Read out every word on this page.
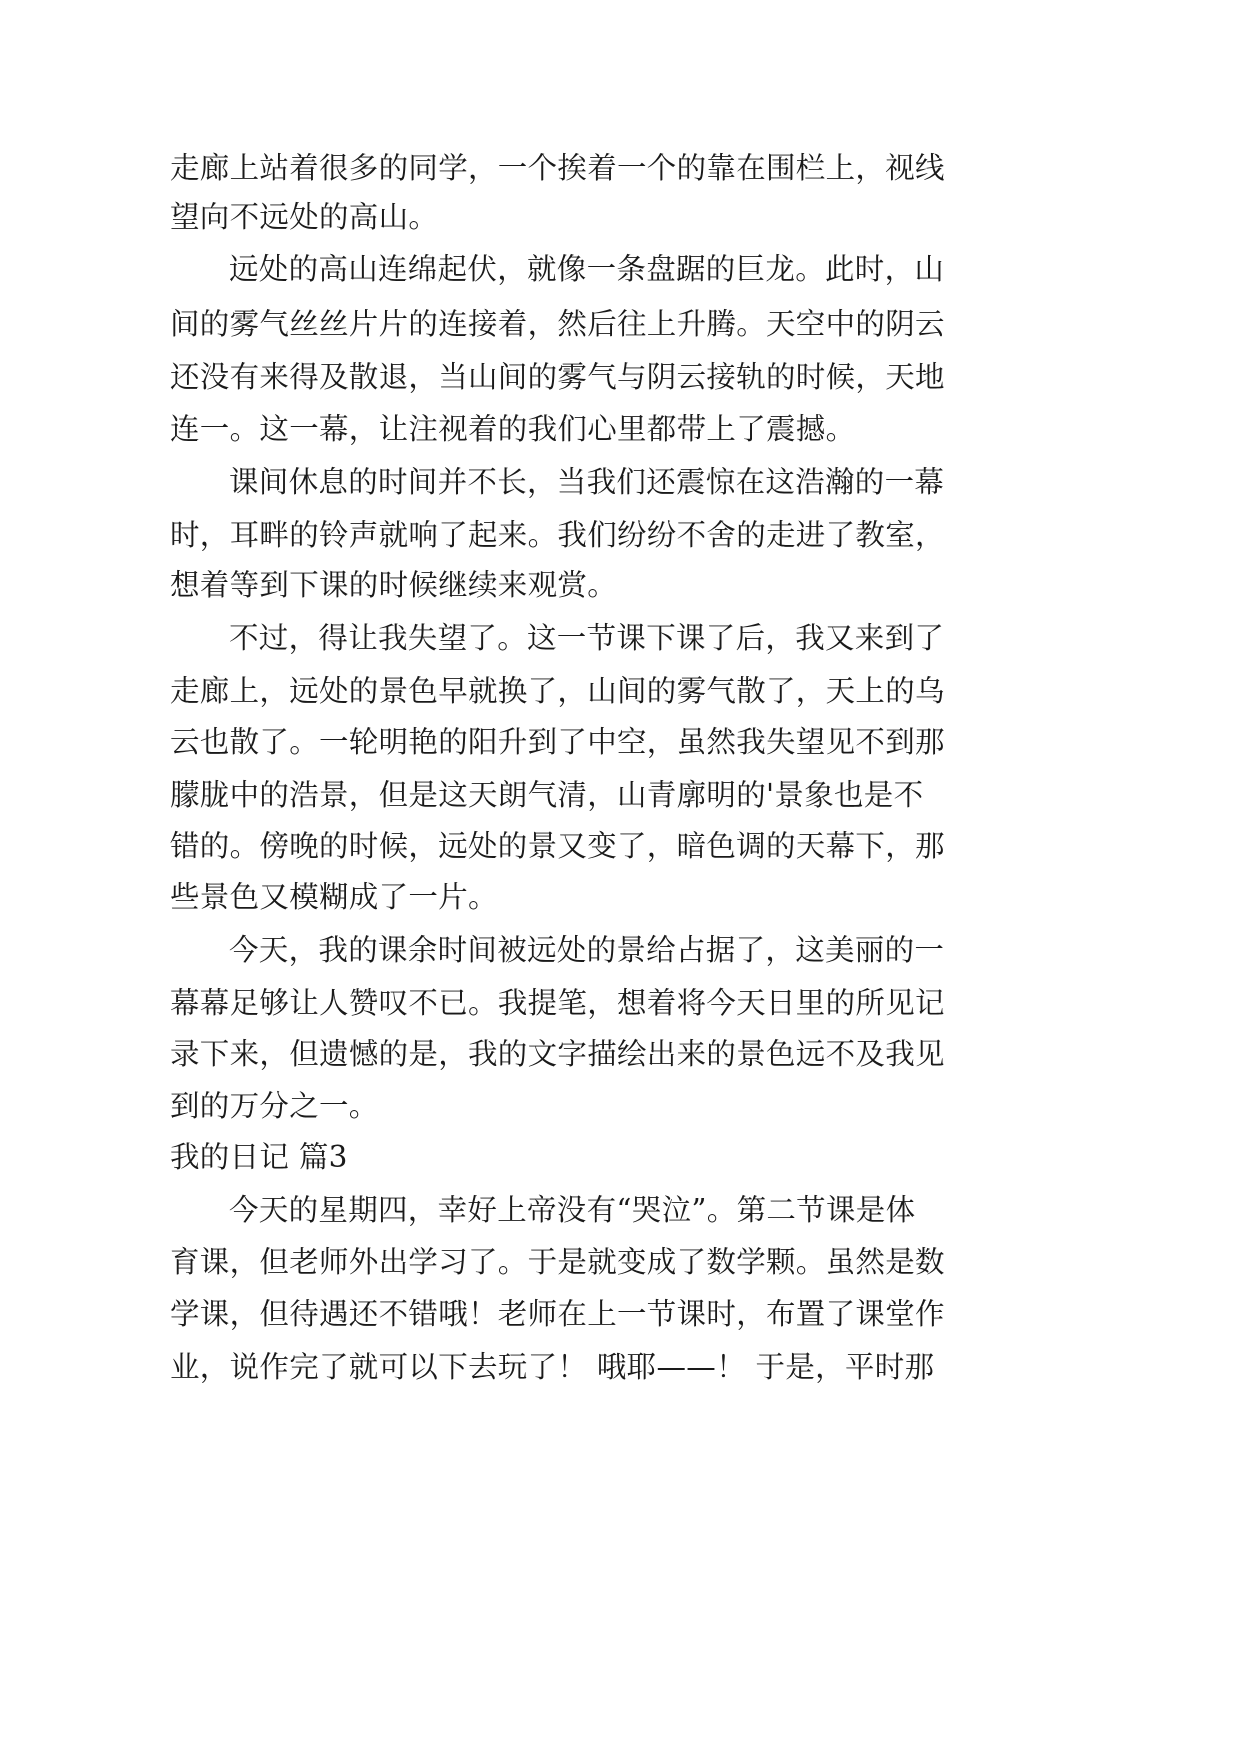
走廊上站着很多的同学，一个挨着一个的靠在围栏上，视线
望向不远处的高山。
远处的高山连绵起伏，就像一条盘踞的巨龙。此时，山
间的雾气丝丝片片的连接着，然后往上升腾。天空中的阴云
还没有来得及散退，当山间的雾气与阴云接轨的时候，天地
连一。这一幕，让注视着的我们心里都带上了震撼。
课间休息的时间并不长，当我们还震惊在这浩瀚的一幕
时，耳畔的铃声就响了起来。我们纷纷不舍的走进了教室，
想着等到下课的时候继续来观赏。
不过，得让我失望了。这一节课下课了后，我又来到了
走廊上，远处的景色早就换了，山间的雾气散了，天上的乌
云也散了。一轮明艳的阳升到了中空，虽然我失望见不到那
朦胧中的浩景，但是这天朗气清，山青廓明的'景象也是不
错的。傍晚的时候，远处的景又变了，暗色调的天幕下，那
些景色又模糊成了一片。
今天，我的课余时间被远处的景给占据了，这美丽的一
幕幕足够让人赞叹不已。我提笔，想着将今天日里的所见记
录下来，但遗憾的是，我的文字描绘出来的景色远不及我见
到的万分之一。
我的日记 篇3
今天的星期四，幸好上帝没有“哭泣”。第二节课是体
育课，但老师外出学习了。于是就变成了数学颗。虽然是数
学课，但待遇还不错哦！老师在上一节课时，布置了课堂作
业，说作完了就可以下去玩了！ 哦耶——！ 于是，平时那
